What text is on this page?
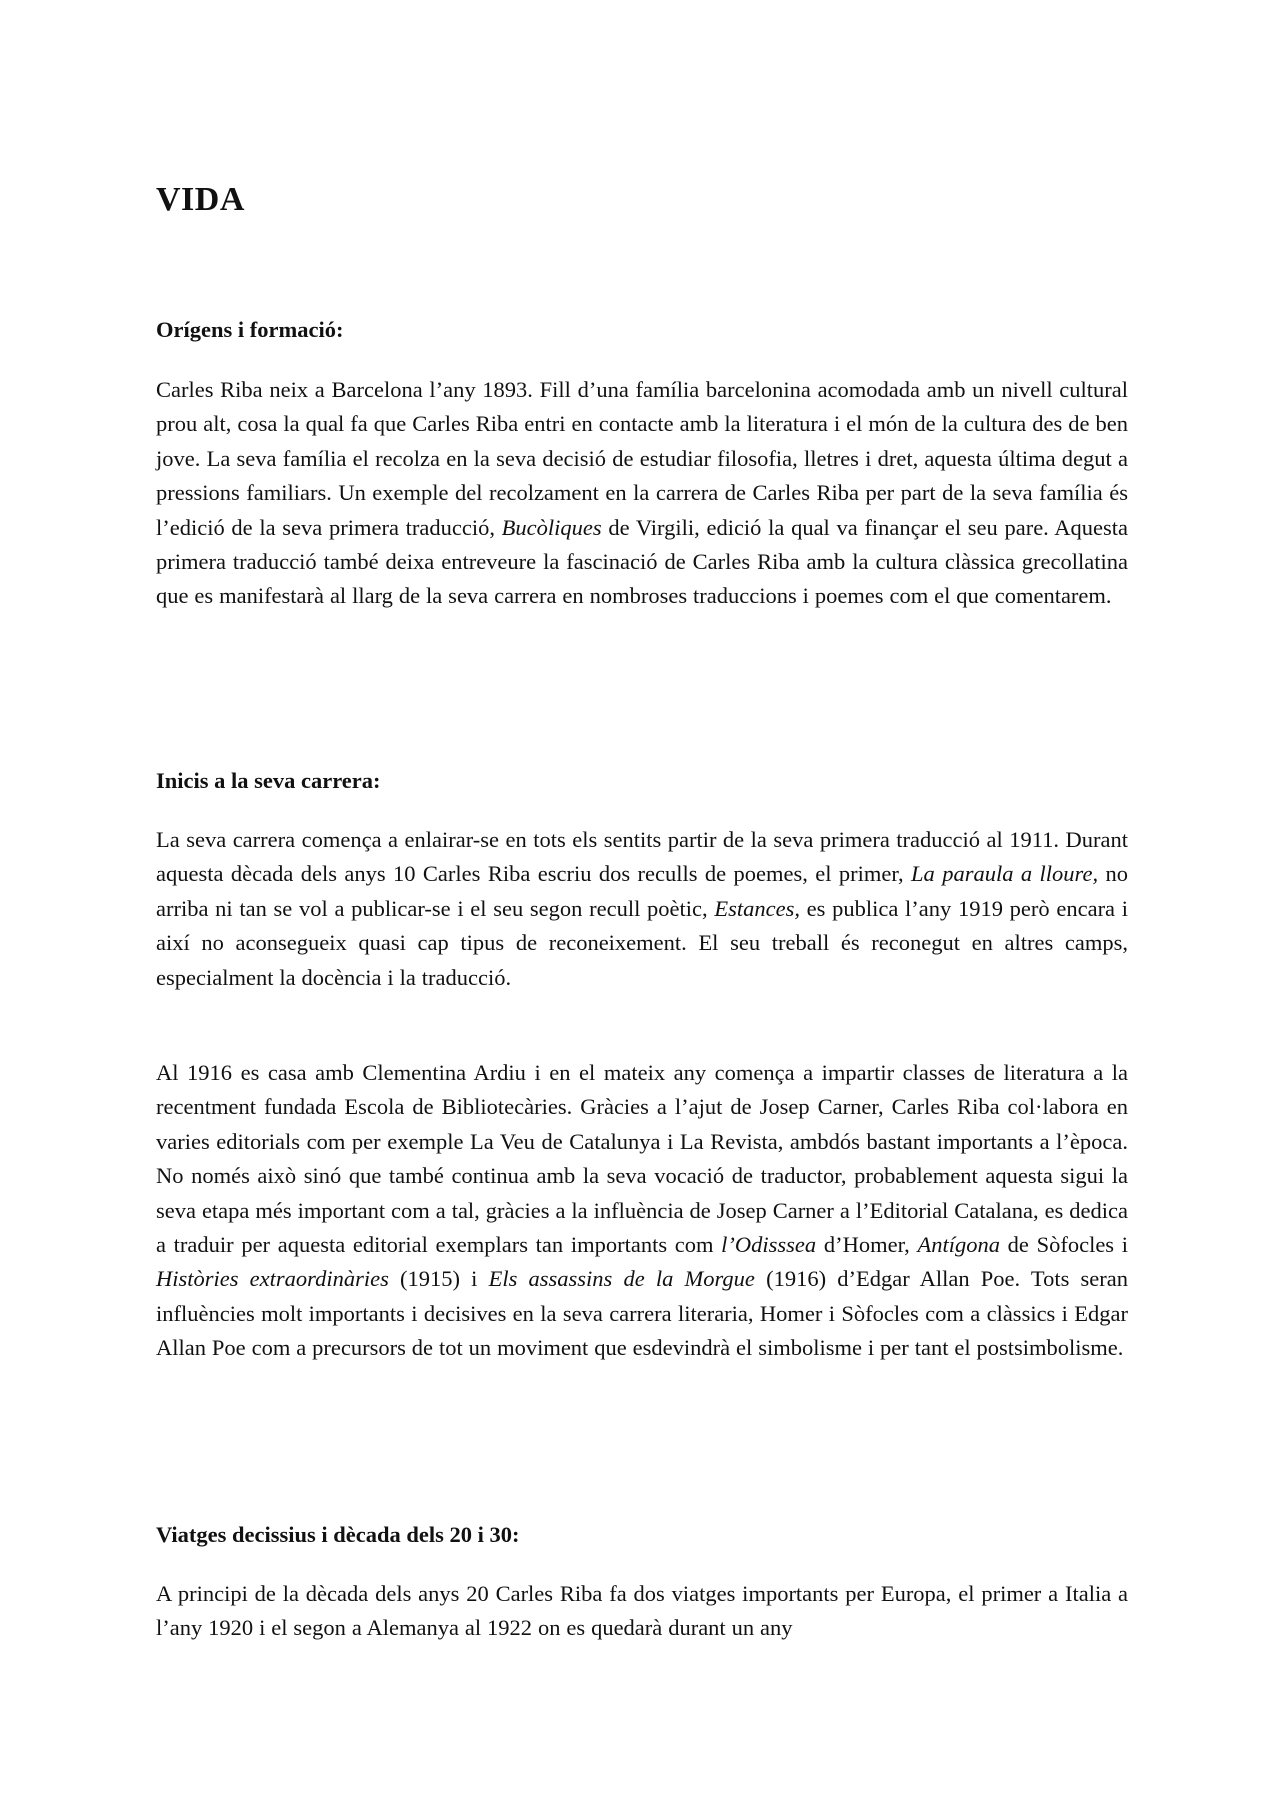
VIDA
Orígens i formació:

Carles Riba neix a Barcelona l’any 1893. Fill d’una família barcelonina acomodada amb un nivell cultural prou alt, cosa la qual fa que Carles Riba entri en contacte amb la literatura i el món de la cultura des de ben jove. La seva família el recolza en la seva decisió de estudiar filosofia, lletres i dret, aquesta última degut a pressions familiars. Un exemple del recolzament en la carrera de Carles Riba per part de la seva família és l’edició de la seva primera traducció, Bucòliques de Virgili, edició la qual va finançar el seu pare. Aquesta primera traducció també deixa entreveure la fascinació de Carles Riba amb la cultura clàssica grecollatina que es manifestarà al llarg de la seva carrera en nombroses traduccions i poemes com el que comentarem.

Inicis a la seva carrera:

La seva carrera comença a enlairar-se en tots els sentits partir de la seva primera traducció al 1911. Durant aquesta dècada dels anys 10 Carles Riba escriu dos reculls de poemes, el primer, La paraula a lloure, no arriba ni tan se vol a publicar-se i el seu segon recull poètic, Estances, es publica l’any 1919 però encara i així no aconsegueix quasi cap tipus de reconeixement. El seu treball és reconegut en altres camps, especialment la docència i la traducció.

Al 1916 es casa amb Clementina Ardiu i en el mateix any comença a impartir classes de literatura a la recentment fundada Escola de Bibliotecàries. Gràcies a l’ajut de Josep Carner, Carles Riba col·labora en varies editorials com per exemple La Veu de Catalunya i La Revista, ambdós bastant importants a l’època. No només això sinó que també continua amb la seva vocació de traductor, probablement aquesta sigui la seva etapa més important com a tal, gràcies a la influència de Josep Carner a l’Editorial Catalana, es dedica a traduir per aquesta editorial exemplars tan importants com l’Odisssea d’Homer, Antígona de Sòfocles i Històries extraordinàries (1915) i Els assassins de la Morgue (1916) d’Edgar Allan Poe. Tots seran influències molt importants i decisives en la seva carrera literaria, Homer i Sòfocles com a clàssics i Edgar Allan Poe com a precursors de tot un moviment que esdevindrà el simbolisme i per tant el postsimbolisme.

Viatges decissius i dècada dels 20 i 30:

A principi de la dècada dels anys 20 Carles Riba fa dos viatges importants per Europa, el primer a Italia a l’any 1920 i el segon a Alemanya al 1922 on es quedarà durant un any
